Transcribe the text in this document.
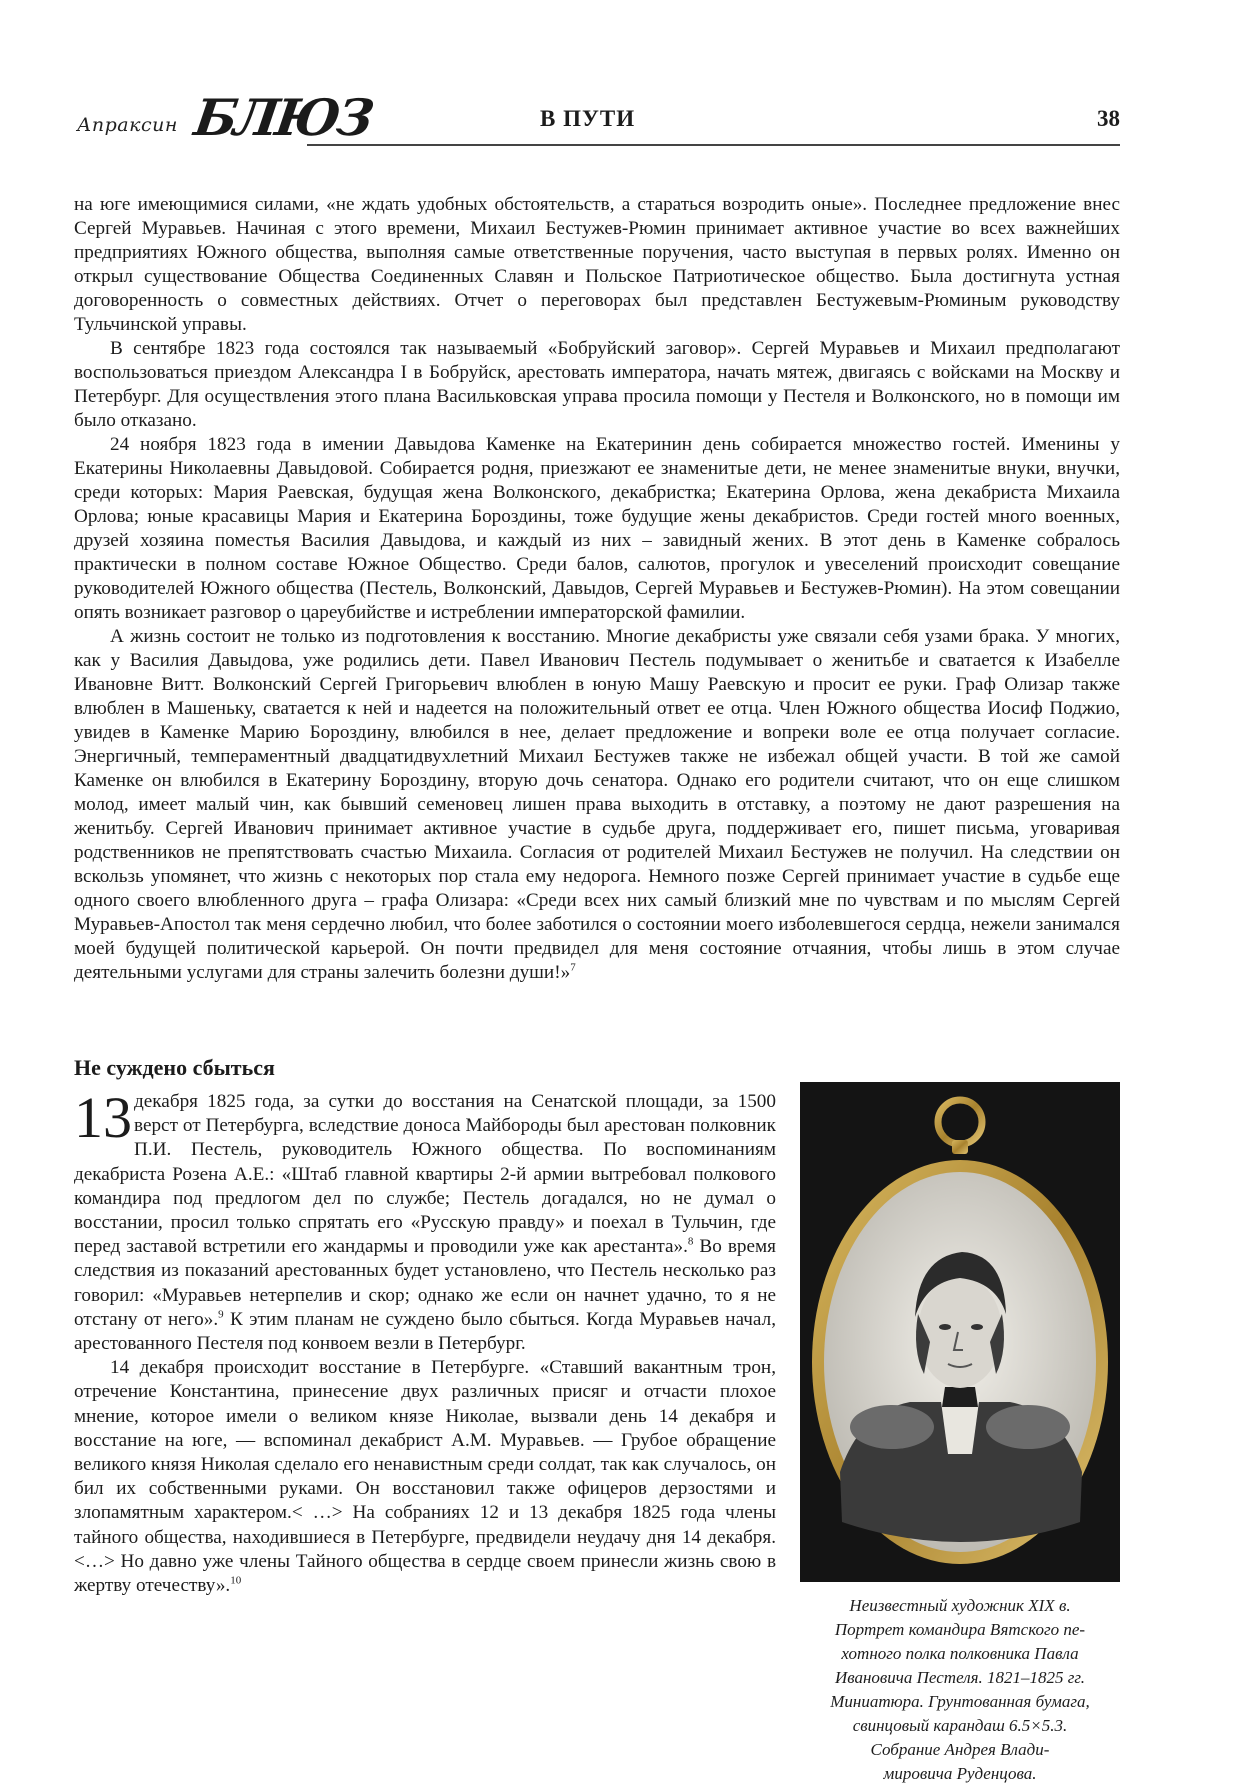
Апраксин БЛЮЗ	В ПУТИ	38

на юге имеющимися силами, «не ждать удобных обстоятельств, а стараться возродить оные». Последнее предложение внес Сергей Муравьев. Начиная с этого времени, Михаил Бестужев-Рюмин принимает активное участие во всех важнейших предприятиях Южного общества, выполняя самые ответственные поручения, часто выступая в первых ролях. Именно он открыл существование Общества Соединенных Славян и Польское Патриотическое общество. Была достигнута устная договоренность о совместных действиях. Отчет о переговорах был представлен Бестужевым-Рюминым руководству Тульчинской управы.

В сентябре 1823 года состоялся так называемый «Бобруйский заговор». Сергей Муравьев и Михаил предполагают воспользоваться приездом Александра I в Бобруйск, арестовать императора, начать мятеж, двигаясь с войсками на Москву и Петербург. Для осуществления этого плана Васильковская управа просила помощи у Пестеля и Волконского, но в помощи им было отказано.

24 ноября 1823 года в имении Давыдова Каменке на Екатеринин день собирается множество гостей. Именины у Екатерины Николаевны Давыдовой. Собирается родня, приезжают ее знаменитые дети, не менее знаменитые внуки, внучки, среди которых: Мария Раевская, будущая жена Волконского, декабристка; Екатерина Орлова, жена декабриста Михаила Орлова; юные красавицы Мария и Екатерина Бороздины, тоже будущие жены декабристов. Среди гостей много военных, друзей хозяина поместья Василия Давыдова, и каждый из них – завидный жених. В этот день в Каменке собралось практически в полном составе Южное Общество. Среди балов, салютов, прогулок и увеселений происходит совещание руководителей Южного общества (Пестель, Волконский, Давыдов, Сергей Муравьев и Бестужев-Рюмин). На этом совещании опять возникает разговор о цареубийстве и истреблении императорской фамилии.

А жизнь состоит не только из подготовления к восстанию. Многие декабристы уже связали себя узами брака. У многих, как у Василия Давыдова, уже родились дети. Павел Иванович Пестель подумывает о женитьбе и сватается к Изабелле Ивановне Витт. Волконский Сергей Григорьевич влюблен в юную Машу Раевскую и просит ее руки. Граф Олизар также влюблен в Машеньку, сватается к ней и надеется на положительный ответ ее отца. Член Южного общества Иосиф Поджио, увидев в Каменке Марию Бороздину, влюбился в нее, делает предложение и вопреки воле ее отца получает согласие. Энергичный, темпераментный двадцатидвухлетний Михаил Бестужев также не избежал общей участи. В той же самой Каменке он влюбился в Екатерину Бороздину, вторую дочь сенатора. Однако его родители считают, что он еще слишком молод, имеет малый чин, как бывший семеновец лишен права выходить в отставку, а поэтому не дают разрешения на женитьбу. Сергей Иванович принимает активное участие в судьбе друга, поддерживает его, пишет письма, уговаривая родственников не препятствовать счастью Михаила. Согласия от родителей Михаил Бестужев не получил. На следствии он вскользь упомянет, что жизнь с некоторых пор стала ему недорога. Немного позже Сергей принимает участие в судьбе еще одного своего влюбленного друга – графа Олизара: «Среди всех них самый близкий мне по чувствам и по мыслям Сергей Муравьев-Апостол так меня сердечно любил, что более заботился о состоянии моего изболевшегося сердца, нежели занимался моей будущей политической карьерой. Он почти предвидел для меня состояние отчаяния, чтобы лишь в этом случае деятельными услугами для страны залечить болезни души!»$^7$

Не суждено сбыться

13 декабря 1825 года, за сутки до восстания на Сенатской площади, за 1500 верст от Петербурга, вследствие доноса Майбороды был арестован полковник П.И. Пестель, руководитель Южного общества. По воспоминаниям декабриста Розена А.Е.: «Штаб главной квартиры 2-й армии вытребовал полкового командира под предлогом дел по службе; Пестель догадался, но не думал о восстании, просил только спрятать его «Русскую правду» и поехал в Тульчин, где перед заставой встретили его жандармы и проводили уже как арестанта».$^8$ Во время следствия из показаний арестованных будет установлено, что Пестель несколько раз говорил: «Муравьев нетерпелив и скор; однако же если он начнет удачно, то я не отстану от него».$^9$ К этим планам не суждено было сбыться. Когда Муравьев начал, арестованного Пестеля под конвоем везли в Петербург.

14 декабря происходит восстание в Петербурге. «Ставший вакантным трон, отречение Константина, принесение двух различных присяг и отчасти плохое мнение, которое имели о великом князе Николае, вызвали день 14 декабря и восстание на юге, — вспоминал декабрист А.М. Муравьев. — Грубое обращение великого князя Николая сделало его ненавистным среди солдат, так как случалось, он бил их собственными руками. Он восстановил также офицеров дерзостями и злопамятным характером.< …> На собраниях 12 и 13 декабря 1825 года члены тайного общества, находившиеся в Петербурге, предвидели неудачу дня 14 декабря. <…> Но давно уже члены Тайного общества в сердце своем принесли жизнь свою в жертву отечеству».$^{10}$

Неизвестный художник XIX в.
Портрет командира Вятского пе-
хотного полка полковника Павла
Ивановича Пестеля. 1821–1825 гг.
Миниатюра. Грунтованная бумага,
свинцовый карандаш 6.5×5.3.
Собрание Андрея Влади-
мировича Руденцова.
